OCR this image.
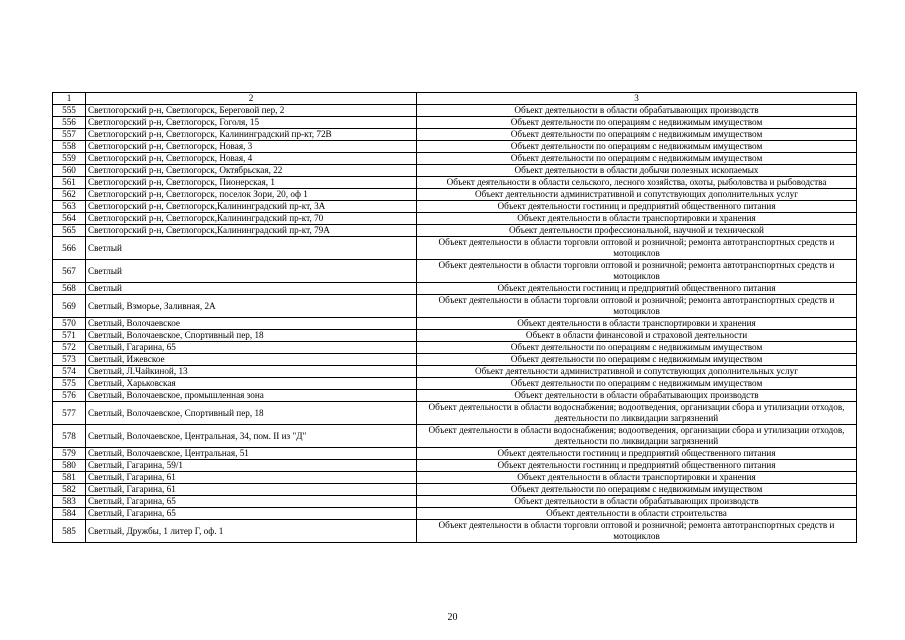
1	2	3
555	Светлогорский р-н, Светлогорск, Береговой пер, 2	Объект деятельности в области обрабатывающих производств
556	Светлогорский р-н, Светлогорск, Гоголя, 15	Объект деятельности по операциям с недвижимым имуществом
557	Светлогорский р-н, Светлогорск, Калининградский пр-кт, 72В	Объект деятельности по операциям с недвижимым имуществом
558	Светлогорский р-н, Светлогорск, Новая, 3	Объект деятельности по операциям с недвижимым имуществом
559	Светлогорский р-н, Светлогорск, Новая, 4	Объект деятельности по операциям с недвижимым имуществом
560	Светлогорский р-н, Светлогорск, Октябрьская, 22	Объект деятельности в области добычи полезных ископаемых
561	Светлогорский р-н, Светлогорск, Пионерская, 1	Объект деятельности в области сельского, лесного хозяйства, охоты, рыболовства и рыбоводства
562	Светлогорский р-н, Светлогорск, поселок Зори, 20, оф 1	Объект деятельности административной и сопутствующих дополнительных услуг
563	Светлогорский р-н, Светлогорск,Калининградский пр-кт, 3А	Объект деятельности гостиниц и предприятий общественного питания
564	Светлогорский р-н, Светлогорск,Калининградский пр-кт, 70	Объект деятельности в области транспортировки и хранения
565	Светлогорский р-н, Светлогорск,Калининградский пр-кт, 79А	Объект деятельности профессиональной, научной и технической
566	Светлый	Объект деятельности в области торговли оптовой и розничной; ремонта автотранспортных средств и мотоциклов
567	Светлый	Объект деятельности в области торговли оптовой и розничной; ремонта автотранспортных средств и мотоциклов
568	Светлый	Объект деятельности гостиниц и предприятий общественного питания
569	Светлый, Взморье, Заливная, 2А	Объект деятельности в области торговли оптовой и розничной; ремонта автотранспортных средств и мотоциклов
570	Светлый, Волочаевское	Объект деятельности в области транспортировки и хранения
571	Светлый, Волочаевское, Спортивный пер, 18	Объект в области финансовой и страховой деятельности
572	Светлый, Гагарина, 65	Объект деятельности по операциям с недвижимым имуществом
573	Светлый, Ижевское	Объект деятельности по операциям с недвижимым имуществом
574	Светлый, Л.Чайкиной, 13	Объект деятельности административной и сопутствующих дополнительных услуг
575	Светлый, Харьковская	Объект деятельности по операциям с недвижимым имуществом
576	Светлый, Волочаевское, промышленная зона	Объект деятельности в области обрабатывающих производств
577	Светлый, Волочаевское, Спортивный пер, 18	Объект деятельности в области водоснабжения; водоотведения, организации сбора и утилизации отходов, деятельности по ликвидации загрязнений
578	Светлый, Волочаевское, Центральная, 34, пом. II из "Д"	Объект деятельности в области водоснабжения; водоотведения, организации сбора и утилизации отходов, деятельности по ликвидации загрязнений
579	Светлый, Волочаевское, Центральная, 51	Объект деятельности гостиниц и предприятий общественного питания
580	Светлый, Гагарина, 59/1	Объект деятельности гостиниц и предприятий общественного питания
581	Светлый, Гагарина, 61	Объект деятельности в области транспортировки и хранения
582	Светлый, Гагарина, 61	Объект деятельности по операциям с недвижимым имуществом
583	Светлый, Гагарина, 65	Объект деятельности в области обрабатывающих производств
584	Светлый, Гагарина, 65	Объект деятельности в области строительства
585	Светлый, Дружбы, 1 литер Г, оф. 1	Объект деятельности в области торговли оптовой и розничной; ремонта автотранспортных средств и мотоциклов
20
